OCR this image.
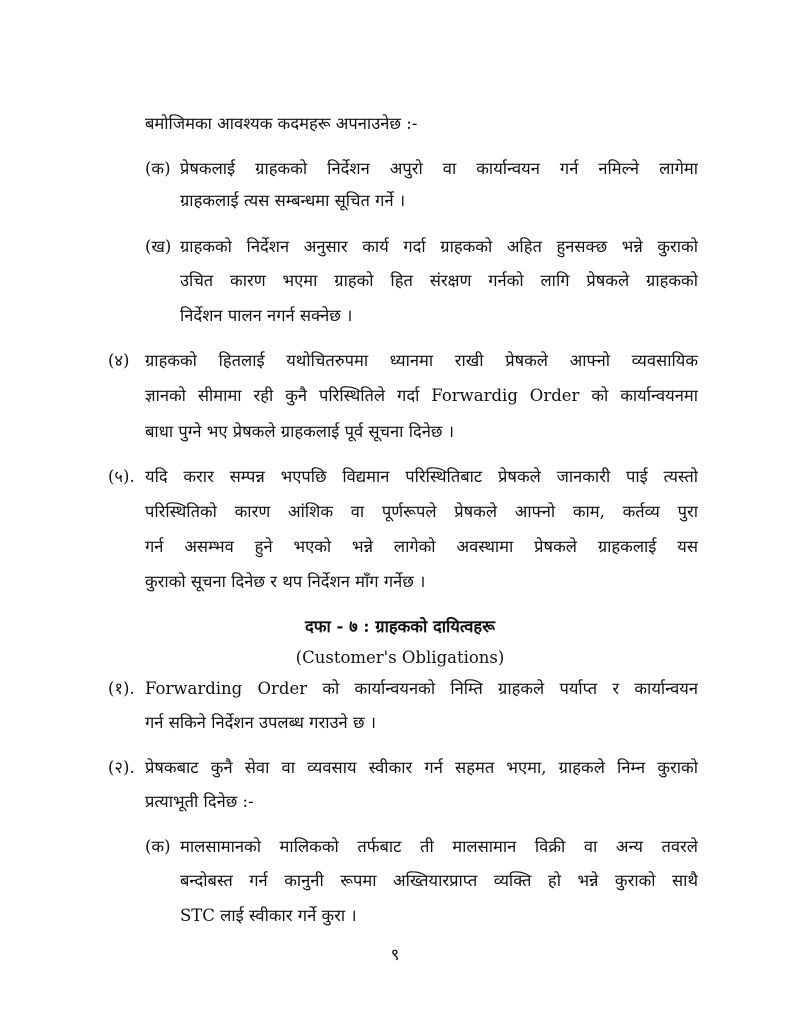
बमोजिमका आवश्यक कदमहरू अपनाउनेछ :-
(क) प्रेषकलाई ग्राहकको निर्देशन अपुरो वा कार्यान्वयन गर्न नमिल्ने लागेमा
ग्राहकलाई त्यस सम्बन्धमा सूचित गर्ने ।
(ख) ग्राहकको निर्देशन अनुसार कार्य गर्दा ग्राहकको अहित हुनसक्छ भन्ने कुराको
उचित कारण भएमा ग्राहको हित संरक्षण गर्नको लागि प्रेषकले ग्राहकको
निर्देशन पालन नगर्न सक्नेछ ।
(४) ग्राहकको हितलाई यथोचितरुपमा ध्यानमा राखी प्रेषकले आफ्नो व्यवसायिक
ज्ञानको सीमामा रही कुनै परिस्थितिले गर्दा Forwardig Order को कार्यान्वयनमा
बाधा पुग्ने भए प्रेषकले ग्राहकलाई पूर्व सूचना दिनेछ ।
(५). यदि करार सम्पन्न भएपछि विद्यमान परिस्थितिबाट प्रेषकले जानकारी पाई त्यस्तो
परिस्थितिको कारण आंशिक वा पूर्णरूपले प्रेषकले आफ्नो काम, कर्तव्य पुरा
गर्न असम्भव हुने भएको भन्ने लागेको अवस्थामा प्रेषकले ग्राहकलाई यस
कुराको सूचना दिनेछ र थप निर्देशन माँग गर्नेछ ।
दफा - ७ : ग्राहकको दायित्वहरू
(Customer's Obligations)
(१). Forwarding Order को कार्यान्वयनको निम्ति ग्राहकले पर्याप्त र कार्यान्वयन
गर्न सकिने निर्देशन उपलब्ध गराउने छ ।
(२). प्रेषकबाट कुनै सेवा वा व्यवसाय स्वीकार गर्न सहमत भएमा, ग्राहकले निम्न कुराको
प्रत्याभूती दिनेछ :-
(क) मालसामानको मालिकको तर्फबाट ती मालसामान विक्री वा अन्य तवरले
बन्दोबस्त गर्न कानुनी रूपमा अख्तियारप्राप्त व्यक्ति हो भन्ने कुराको साथै
STC लाई स्वीकार गर्ने कुरा ।
९
